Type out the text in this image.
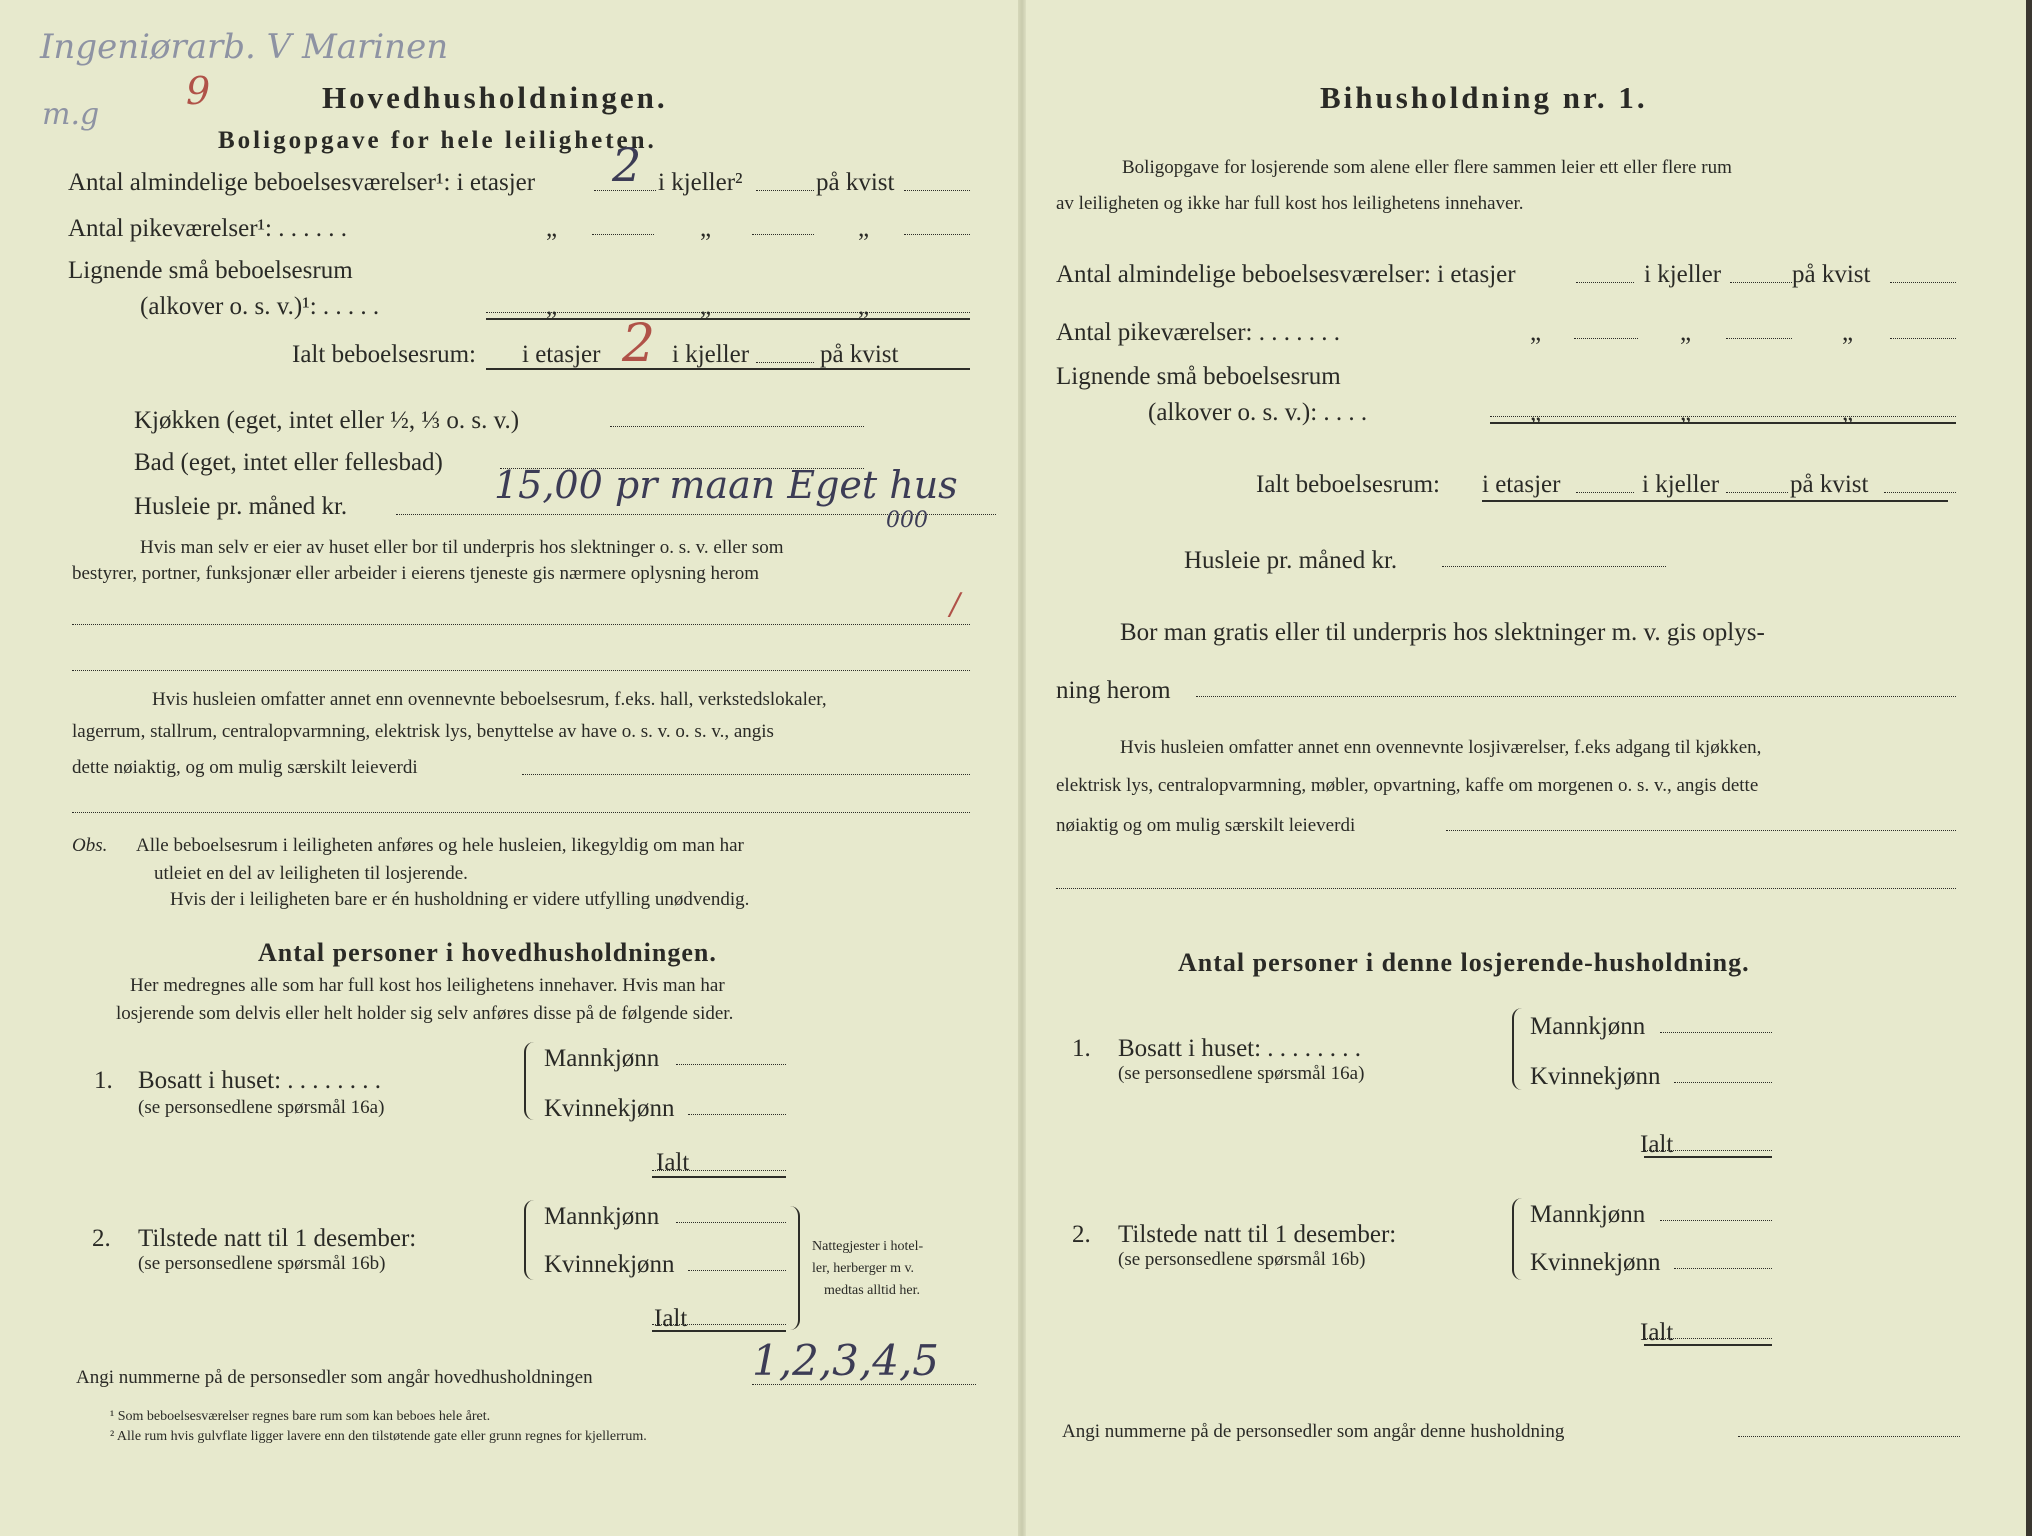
Ingeniørarb. V Marinen
m.g
9	Hovedhusholdningen.
Boligopgave for hele leiligheten.
Antal almindelige beboelsesværelser¹: i etasjer 2 i kjeller²	på kvist
Antal pikeværelser¹: . . . . . .	„	„	„
Lignende små beboelsesrum
(alkover o. s. v.)¹: . . . . .	„	„	„
Ialt beboelsesrum: i etasjer 2 i kjeller	på kvist
Kjøkken (eget, intet eller ½, ⅓ o. s. v.)
Bad (eget, intet eller fellesbad)
Husleie pr. måned kr.	15,00 pr maan Eget hus
000
Hvis man selv er eier av huset eller bor til underpris hos slektninger o. s. v. eller som
bestyrer, portner, funksjonær eller arbeider i eierens tjeneste gis nærmere oplysning herom
/
Hvis husleien omfatter annet enn ovennevnte beboelsesrum, f.eks. hall, verkstedslokaler,
lagerrum, stallrum, centralopvarmning, elektrisk lys, benyttelse av have o. s. v. o. s. v., angis
dette nøiaktig, og om mulig særskilt leieverdi
Obs. Alle beboelsesrum i leiligheten anføres og hele husleien, likegyldig om man har
utleiet en del av leiligheten til losjerende.
Hvis der i leiligheten bare er én husholdning er videre utfylling unødvendig.
Antal personer i hovedhusholdningen.
Her medregnes alle som har full kost hos leilighetens innehaver. Hvis man har
losjerende som delvis eller helt holder sig selv anføres disse på de følgende sider.
1. Bosatt i huset: . . . . . . . .
(se personsedlene spørsmål 16a)
Mannkjønn
Kvinnekjønn
Ialt
2. Tilstede natt til 1 desember:
(se personsedlene spørsmål 16b)
Mannkjønn
Kvinnekjønn
Ialt
Nattegjester i hotel-
ler, herberger m v.
medtas alltid her.
Angi nummerne på de personsedler som angår hovedhusholdningen	1,2,3,4,5
¹ Som beboelsesværelser regnes bare rum som kan beboes hele året.
² Alle rum hvis gulvflate ligger lavere enn den tilstøtende gate eller grunn regnes for kjellerrum.
Bihusholdning nr. 1.
Boligopgave for losjerende som alene eller flere sammen leier ett eller flere rum
av leiligheten og ikke har full kost hos leilighetens innehaver.
Antal almindelige beboelsesværelser: i etasjer	i kjeller	på kvist
Antal pikeværelser: . . . . . . .	„	„	„
Lignende små beboelsesrum
(alkover o. s. v.): . . . .	„	„	„
Ialt beboelsesrum: i etasjer	i kjeller	på kvist
Husleie pr. måned kr.
Bor man gratis eller til underpris hos slektninger m. v. gis oplys-
ning herom
Hvis husleien omfatter annet enn ovennevnte losjiværelser, f.eks adgang til kjøkken,
elektrisk lys, centralopvarmning, møbler, opvartning, kaffe om morgenen o. s. v., angis dette
nøiaktig og om mulig særskilt leieverdi
Antal personer i denne losjerende-husholdning.
1. Bosatt i huset: . . . . . . . .
(se personsedlene spørsmål 16a)
Mannkjønn
Kvinnekjønn
Ialt
2. Tilstede natt til 1 desember:
(se personsedlene spørsmål 16b)
Mannkjønn
Kvinnekjønn
Ialt
Angi nummerne på de personsedler som angår denne husholdning
